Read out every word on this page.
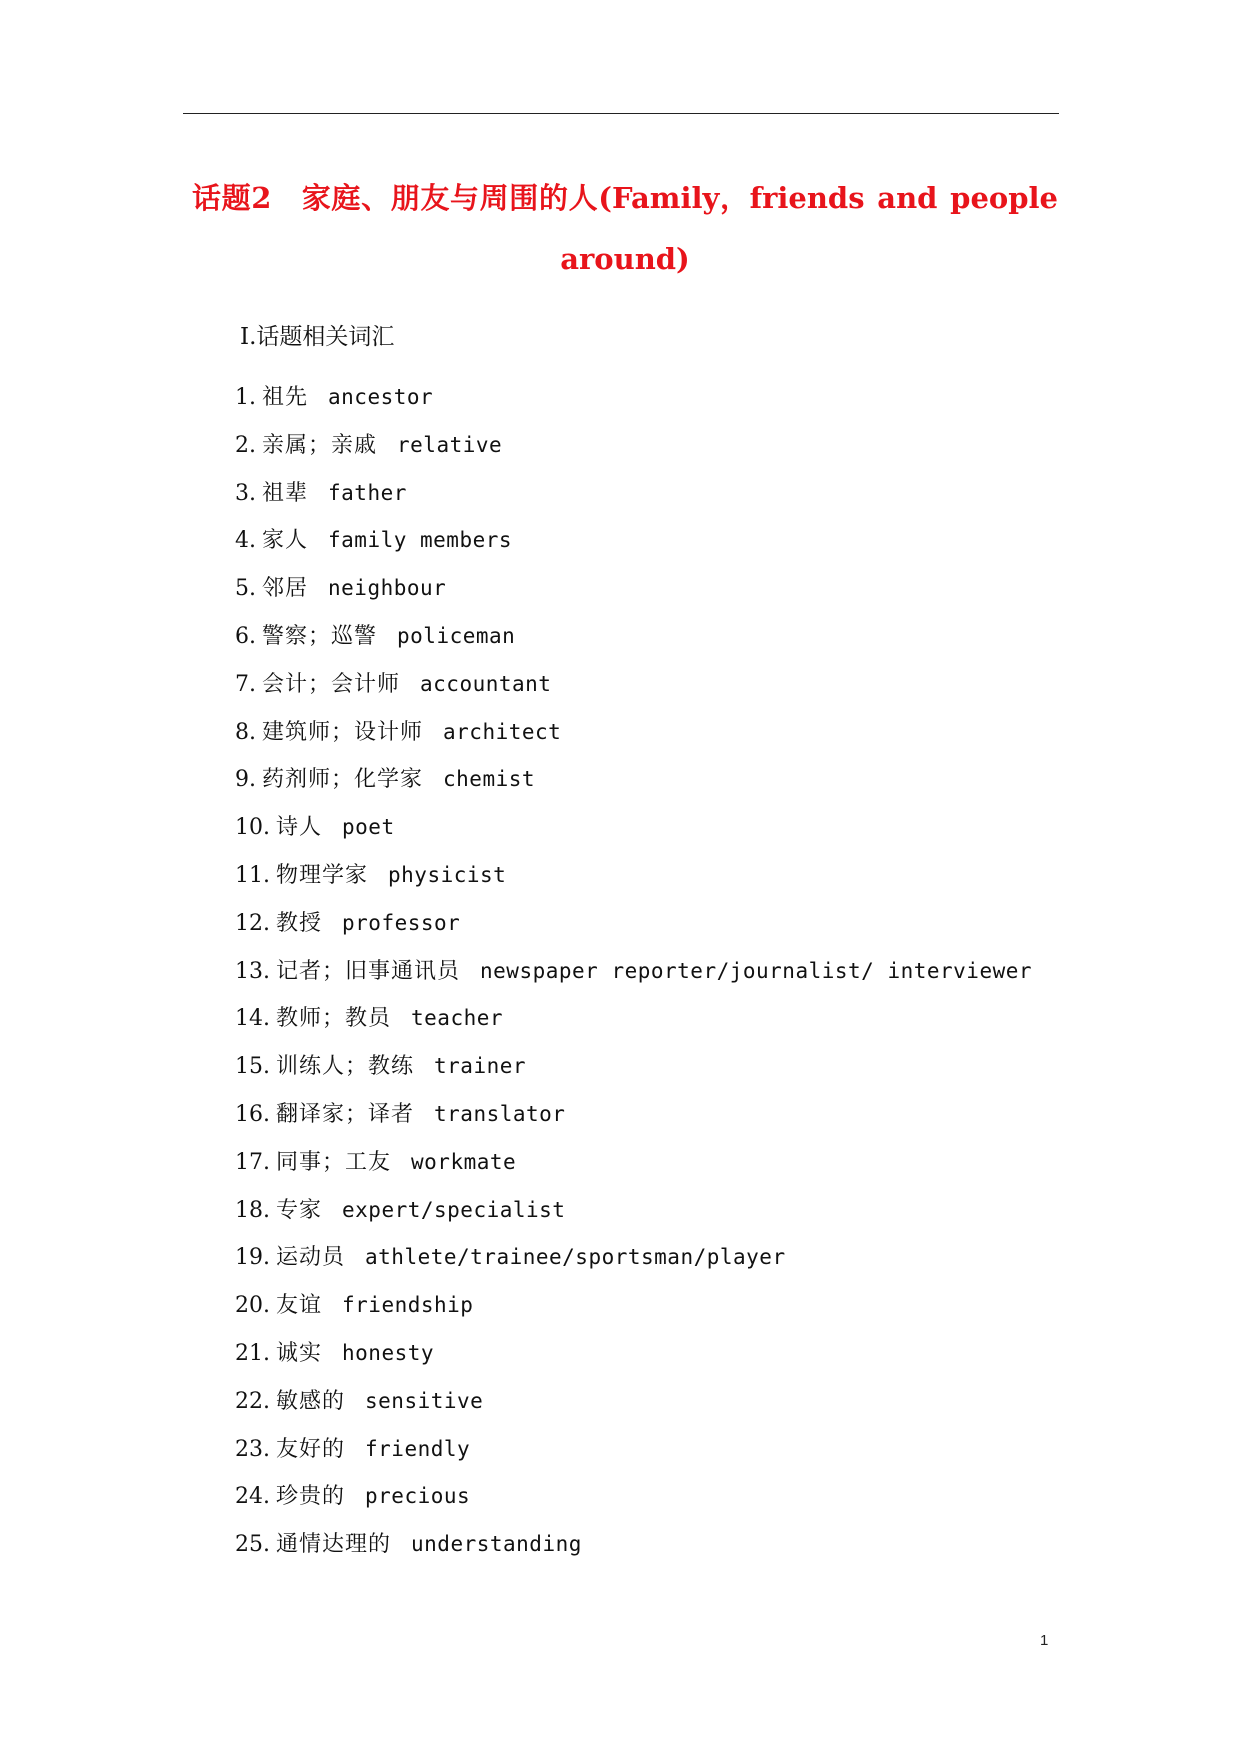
话题2　家庭、朋友与周围的人(Family，friends and people around)
Ⅰ.话题相关词汇
1. 祖先 ancestor
2. 亲属；亲戚 relative
3. 祖辈 father
4. 家人 family members
5. 邻居 neighbour
6. 警察；巡警 policeman
7. 会计；会计师 accountant
8. 建筑师；设计师 architect
9. 药剂师；化学家 chemist
10. 诗人 poet
11. 物理学家 physicist
12. 教授 professor
13. 记者；旧事通讯员 newspaper reporter/journalist/ interviewer
14. 教师；教员 teacher
15. 训练人；教练 trainer
16. 翻译家；译者 translator
17. 同事；工友 workmate
18. 专家 expert/specialist
19. 运动员 athlete/trainee/sportsman/player
20. 友谊 friendship
21. 诚实 honesty
22. 敏感的 sensitive
23. 友好的 friendly
24. 珍贵的 precious
25. 通情达理的 understanding
1
